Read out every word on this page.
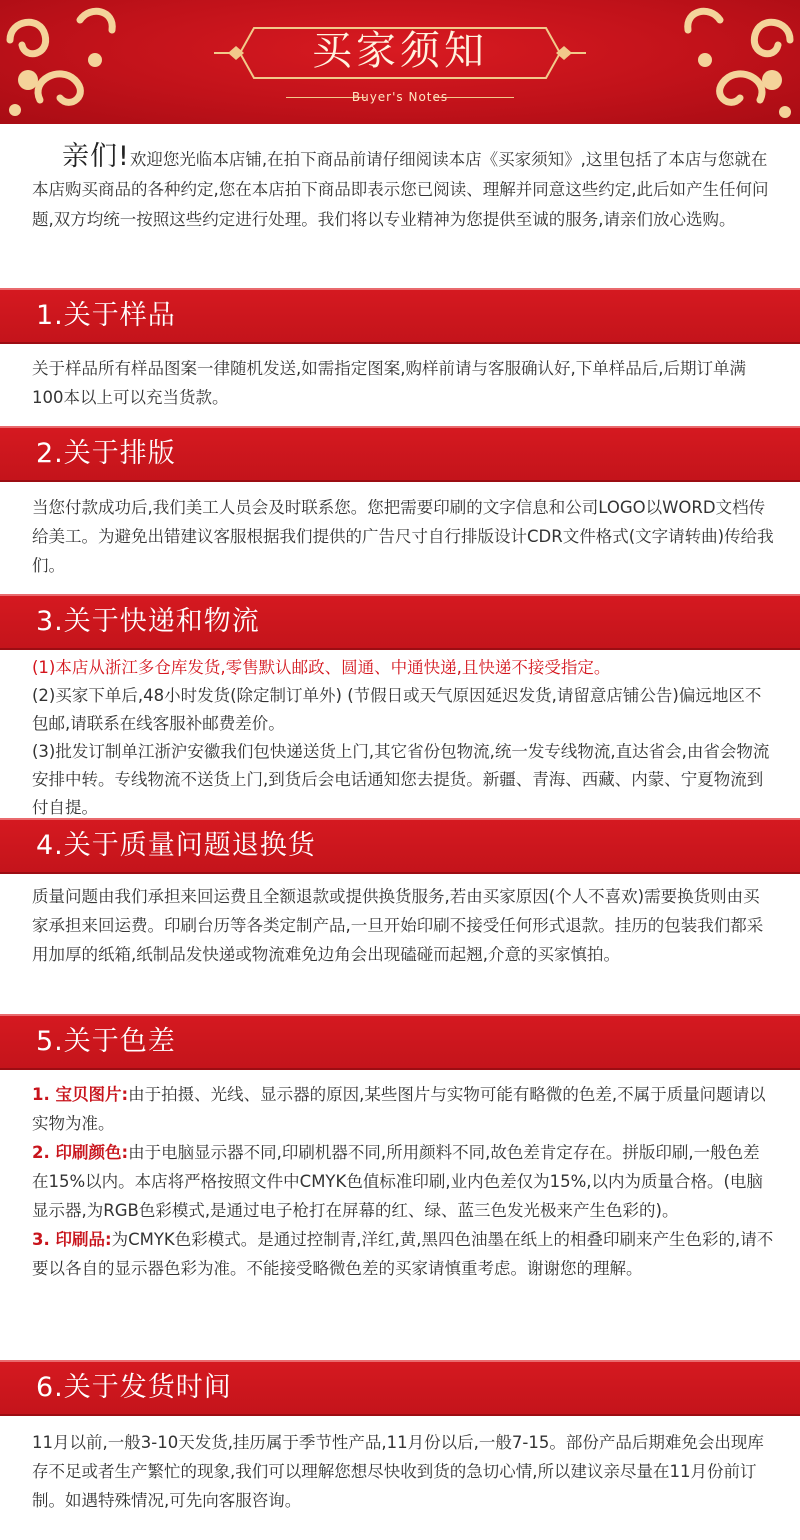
买家须知
Buyer's Notes
亲们!欢迎您光临本店铺,在拍下商品前请仔细阅读本店《买家须知》,这里包括了本店与您就在本店购买商品的各种约定,您在本店拍下商品即表示您已阅读、理解并同意这些约定,此后如产生任何问题,双方均统一按照这些约定进行处理。我们将以专业精神为您提供至诚的服务,请亲们放心选购。
1.关于样品

关于样品所有样品图案一律随机发送,如需指定图案,购样前请与客服确认好,下单样品后,后期订单满100本以上可以充当货款。

2.关于排版

当您付款成功后,我们美工人员会及时联系您。您把需要印刷的文字信息和公司LOGO以WORD文档传给美工。为避免出错建议客服根据我们提供的广告尺寸自行排版设计CDR文件格式(文字请转曲)传给我们。

3.关于快递和物流

(1)本店从浙江多仓库发货,零售默认邮政、圆通、中通快递,且快递不接受指定。

(2)买家下单后,48小时发货(除定制订单外) (节假日或天气原因延迟发货,请留意店铺公告)偏远地区不包邮,请联系在线客服补邮费差价。

(3)批发订制单江浙沪安徽我们包快递送货上门,其它省份包物流,统一发专线物流,直达省会,由省会物流安排中转。专线物流不送货上门,到货后会电话通知您去提货。新疆、青海、西藏、内蒙、宁夏物流到付自提。

4.关于质量问题退换货

质量问题由我们承担来回运费且全额退款或提供换货服务,若由买家原因(个人不喜欢)需要换货则由买家承担来回运费。印刷台历等各类定制产品,一旦开始印刷不接受任何形式退款。挂历的包装我们都采用加厚的纸箱,纸制品发快递或物流难免边角会出现磕碰而起翘,介意的买家慎拍。

5.关于色差

1. 宝贝图片:由于拍摄、光线、显示器的原因,某些图片与实物可能有略微的色差,不属于质量问题请以实物为准。

2. 印刷颜色:由于电脑显示器不同,印刷机器不同,所用颜料不同,故色差肯定存在。拼版印刷,一般色差在15%以内。本店将严格按照文件中CMYK色值标准印刷,业内色差仅为15%,以内为质量合格。(电脑显示器,为RGB色彩模式,是通过电子枪打在屏幕的红、绿、蓝三色发光极来产生色彩的)。

3. 印刷品:为CMYK色彩模式。是通过控制青,洋红,黄,黑四色油墨在纸上的相叠印刷来产生色彩的,请不要以各自的显示器色彩为准。不能接受略微色差的买家请慎重考虑。谢谢您的理解。

6.关于发货时间

11月以前,一般3-10天发货,挂历属于季节性产品,11月份以后,一般7-15。部份产品后期难免会出现库存不足或者生产繁忙的现象,我们可以理解您想尽快收到货的急切心情,所以建议亲尽量在11月份前订制。如遇特殊情况,可先向客服咨询。
